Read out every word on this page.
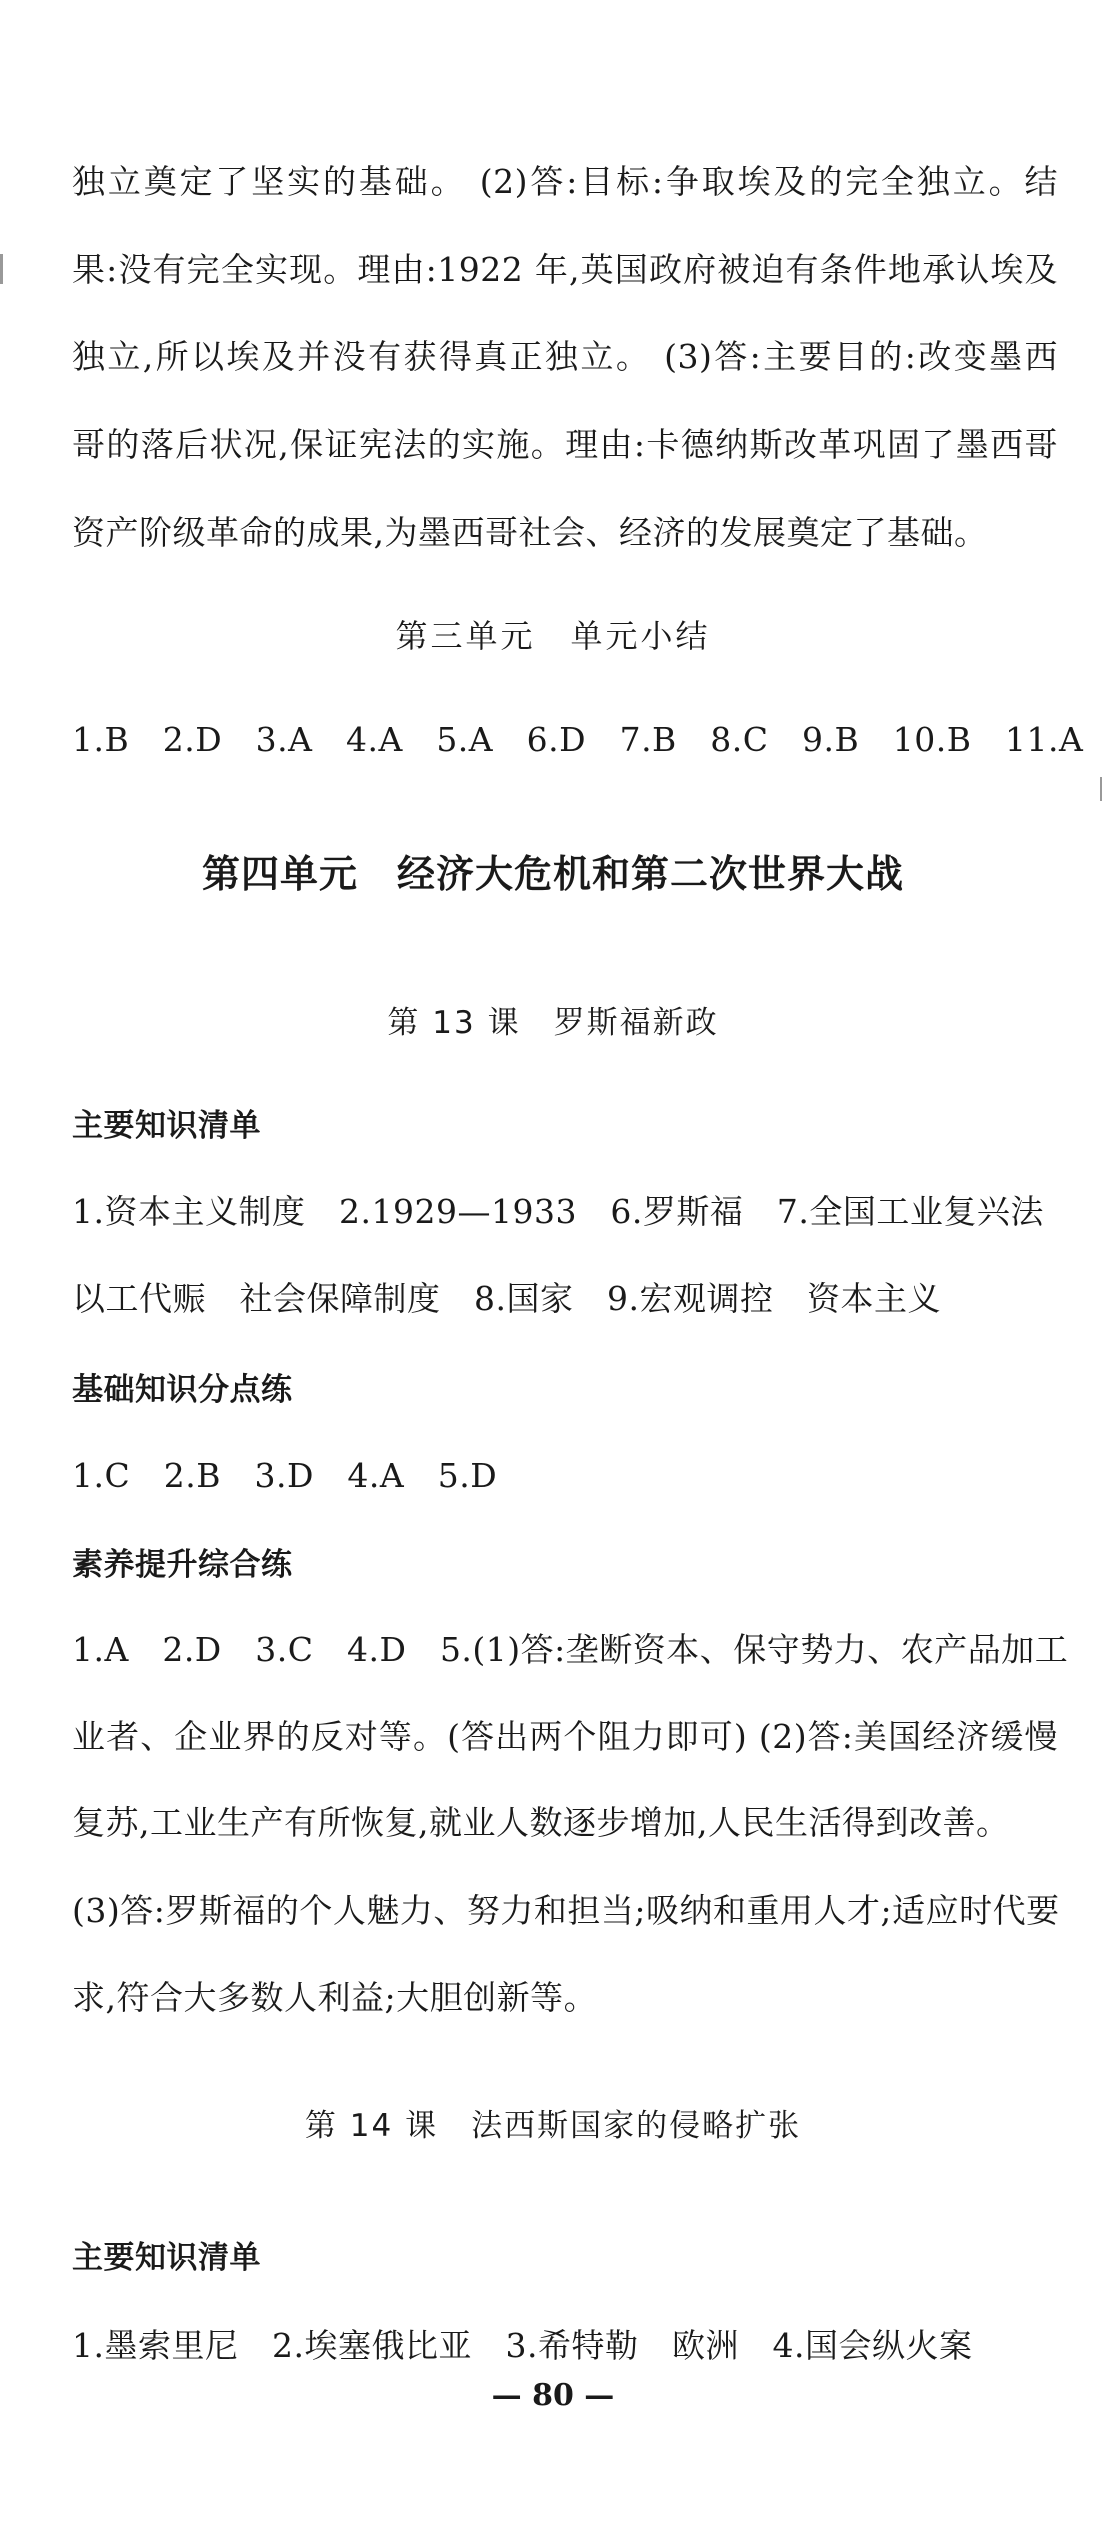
独立奠定了坚实的基础。 (2)答:目标:争取埃及的完全独立。结
果:没有完全实现。理由:1922 年,英国政府被迫有条件地承认埃及
独立,所以埃及并没有获得真正独立。 (3)答:主要目的:改变墨西
哥的落后状况,保证宪法的实施。理由:卡德纳斯改革巩固了墨西哥
资产阶级革命的成果,为墨西哥社会、经济的发展奠定了基础。
第三单元　单元小结
1.B　2.D　3.A　4.A　5.A　6.D　7.B　8.C　9.B　10.B　11.A
第四单元　经济大危机和第二次世界大战
第 13 课　罗斯福新政
主要知识清单
1.资本主义制度　2.1929—1933　6.罗斯福　7.全国工业复兴法
以工代赈　社会保障制度　8.国家　9.宏观调控　资本主义
基础知识分点练
1.C　2.B　3.D　4.A　5.D
素养提升综合练
1.A　2.D　3.C　4.D　5.(1)答:垄断资本、保守势力、农产品加工
业者、企业界的反对等。(答出两个阻力即可) (2)答:美国经济缓慢
复苏,工业生产有所恢复,就业人数逐步增加,人民生活得到改善。
(3)答:罗斯福的个人魅力、努力和担当;吸纳和重用人才;适应时代要
求,符合大多数人利益;大胆创新等。
第 14 课　法西斯国家的侵略扩张
主要知识清单
1.墨索里尼　2.埃塞俄比亚　3.希特勒　欧洲　4.国会纵火案
— 80 —
